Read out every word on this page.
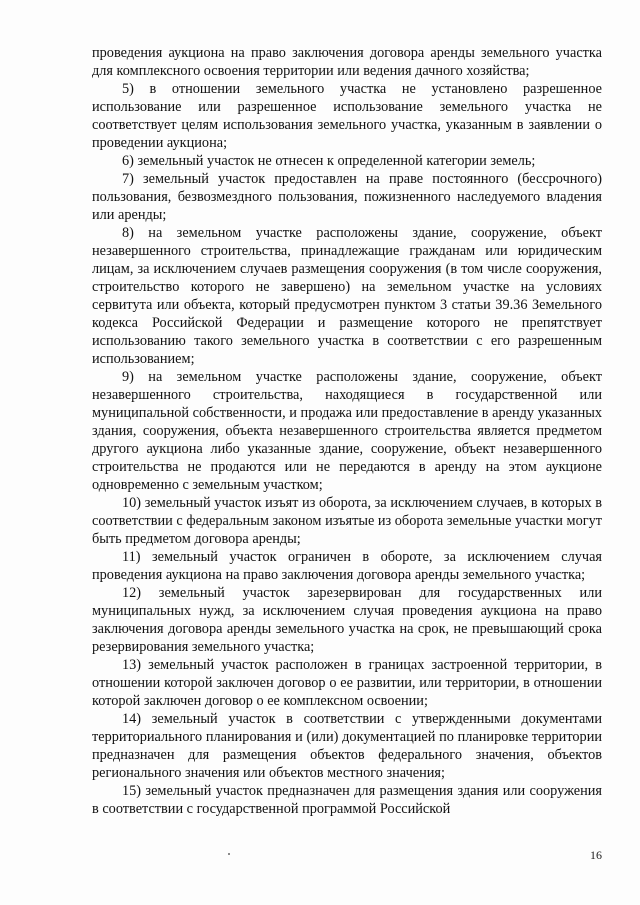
проведения аукциона на право заключения договора аренды земельного участка для комплексного освоения территории или ведения дачного хозяйства;

5) в отношении земельного участка не установлено разрешенное использование или разрешенное использование земельного участка не соответствует целям использования земельного участка, указанным в заявлении о проведении аукциона;

6) земельный участок не отнесен к определенной категории земель;

7) земельный участок предоставлен на праве постоянного (бессрочного) пользования, безвозмездного пользования, пожизненного наследуемого владения или аренды;

8) на земельном участке расположены здание, сооружение, объект незавершенного строительства, принадлежащие гражданам или юридическим лицам, за исключением случаев размещения сооружения (в том числе сооружения, строительство которого не завершено) на земельном участке на условиях сервитута или объекта, который предусмотрен пунктом 3 статьи 39.36 Земельного кодекса Российской Федерации и размещение которого не препятствует использованию такого земельного участка в соответствии с его разрешенным использованием;

9) на земельном участке расположены здание, сооружение, объект незавершенного строительства, находящиеся в государственной или муниципальной собственности, и продажа или предоставление в аренду указанных здания, сооружения, объекта незавершенного строительства является предметом другого аукциона либо указанные здание, сооружение, объект незавершенного строительства не продаются или не передаются в аренду на этом аукционе одновременно с земельным участком;

10) земельный участок изъят из оборота, за исключением случаев, в которых в соответствии с федеральным законом изъятые из оборота земельные участки могут быть предметом договора аренды;

11) земельный участок ограничен в обороте, за исключением случая проведения аукциона на право заключения договора аренды земельного участка;

12) земельный участок зарезервирован для государственных или муниципальных нужд, за исключением случая проведения аукциона на право заключения договора аренды земельного участка на срок, не превышающий срока резервирования земельного участка;

13) земельный участок расположен в границах застроенной территории, в отношении которой заключен договор о ее развитии, или территории, в отношении которой заключен договор о ее комплексном освоении;

14) земельный участок в соответствии с утвержденными документами территориального планирования и (или) документацией по планировке территории предназначен для размещения объектов федерального значения, объектов регионального значения или объектов местного значения;

15) земельный участок предназначен для размещения здания или сооружения в соответствии с государственной программой Российской

16
